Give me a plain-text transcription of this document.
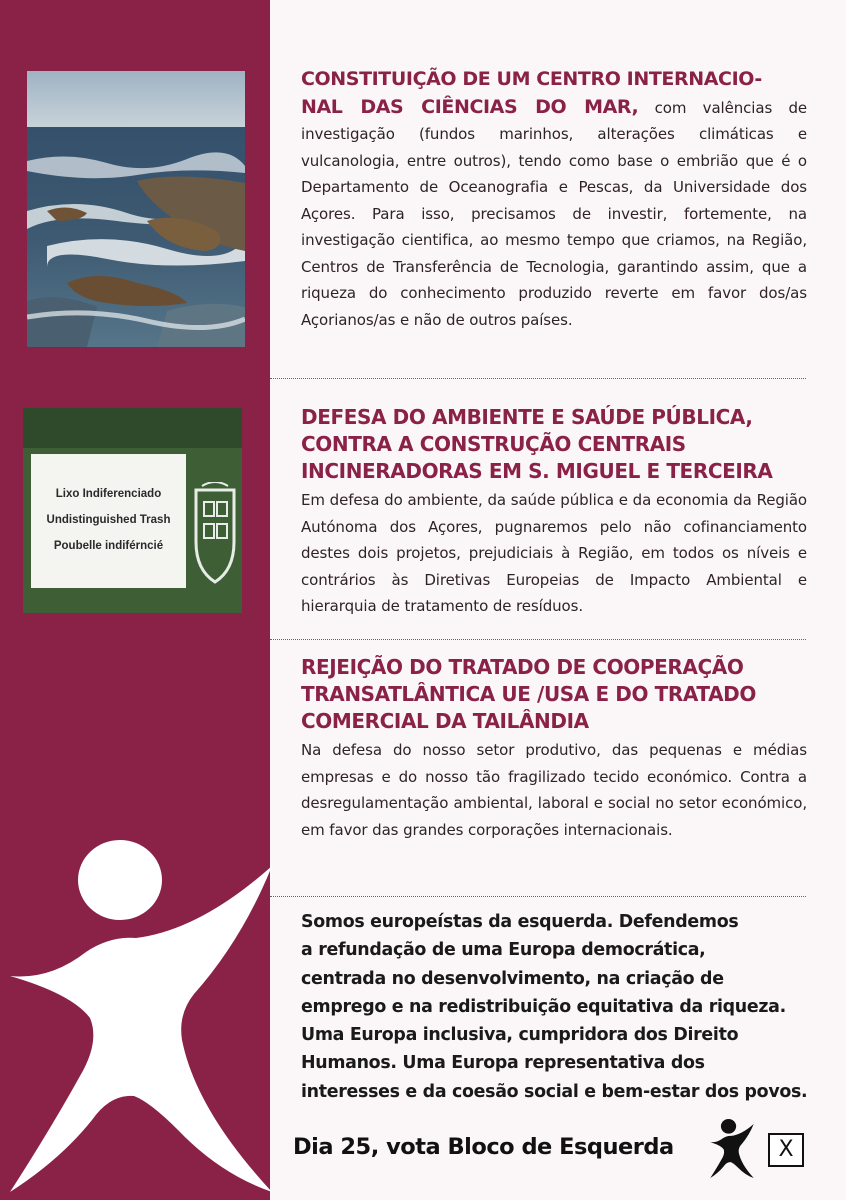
Lixo Indiferenciado
Undistinguished Trash
Poubelle indiférncié
CONSTITUIÇÃO DE UM CENTRO INTERNACIO-
NAL DAS CIÊNCIAS DO MAR, com valências de investigação (fundos marinhos, alterações climáticas e vulcanologia, entre outros), tendo como base o embrião que é o Departamento de Oceanografia e Pescas, da Universidade dos Açores. Para isso, precisamos de investir, fortemente, na investigação cientifica, ao mesmo tempo que criamos, na Região, Centros de Transferência de Tecnologia, garantindo assim, que a riqueza do conhecimento produzido reverte em favor dos/as Açorianos/as e não de outros países.
DEFESA DO AMBIENTE E SAÚDE PÚBLICA,
CONTRA A CONSTRUÇÃO CENTRAIS
INCINERADORAS EM S. MIGUEL E TERCEIRA
Em defesa do ambiente, da saúde pública e da economia da Região Autónoma dos Açores, pugnaremos pelo não cofinanciamento destes dois projetos, prejudiciais à Região, em todos os níveis e contrários às Diretivas Europeias de Impacto Ambiental e hierarquia de tratamento de resíduos.
REJEIÇÃO DO TRATADO DE COOPERAÇÃO
TRANSATLÂNTICA UE /USA E DO TRATADO
COMERCIAL DA TAILÂNDIA
Na defesa do nosso setor produtivo, das pequenas e médias empresas e do nosso tão fragilizado tecido económico. Contra a desregulamentação ambiental, laboral e social no setor económico, em favor das grandes corporações internacionais.
Somos europeístas da esquerda. Defendemos
a refundação de uma Europa democrática,
centrada no desenvolvimento, na criação de
emprego e na redistribuição equitativa da riqueza.
Uma Europa inclusiva, cumpridora dos Direito
Humanos. Uma Europa representativa dos
interesses e da coesão social e bem-estar dos povos.
Dia 25, vota Bloco de Esquerda	X
